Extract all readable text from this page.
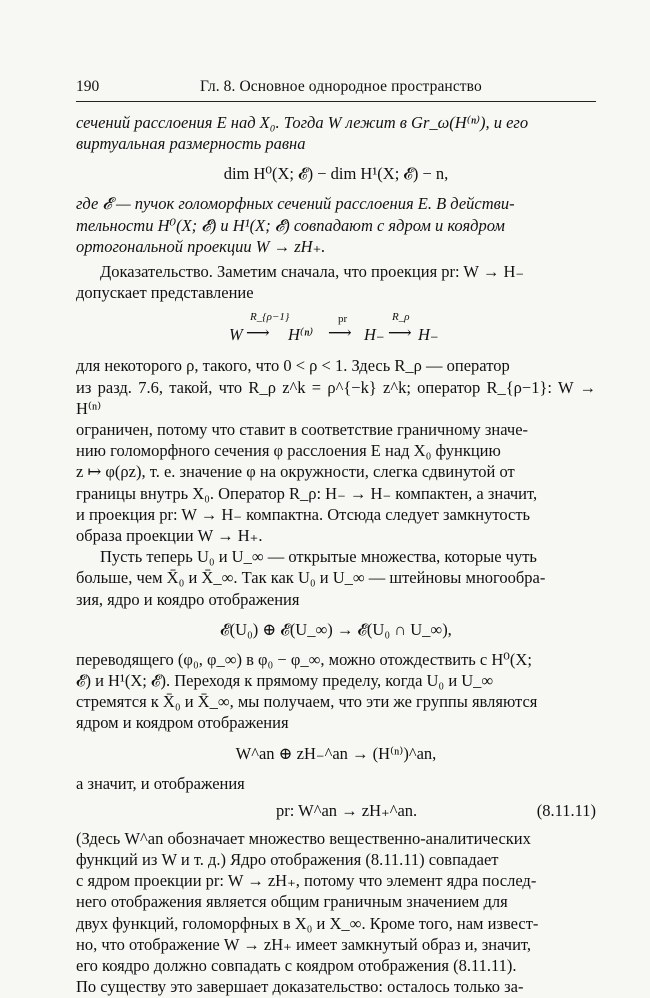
190	Гл. 8. Основное однородное пространство

сечений расслоения E над X₀. Тогда W лежит в Gr_ω(H⁽ⁿ⁾), и его

виртуальная размерность равна

dim H⁰(X; 𝓔) − dim H¹(X; 𝓔) − n,

где 𝓔 — пучок голоморфных сечений расслоения E. В действи-

тельности H⁰(X; 𝓔) и H¹(X; 𝓔) совпадают с ядром и коядром

ортогональной проекции W → zH₊.

Доказательство. Заметим сначала, что проекция pr: W → H₋

допускает представление

W
R_{ρ−1}
⟶ H⁽ⁿ⁾
pr
⟶ H₋
R_ρ
⟶ H₋

для некоторого ρ, такого, что 0 < ρ < 1. Здесь R_ρ — оператор

из разд. 7.6, такой, что R_ρ z^k = ρ^{−k} z^k; оператор R_{ρ−1}: W → H⁽ⁿ⁾

ограничен, потому что ставит в соответствие граничному значе-

нию голоморфного сечения φ расслоения E над X₀ функцию

z ↦ φ(ρz), т. е. значение φ на окружности, слегка сдвинутой от

границы внутрь X₀. Оператор R_ρ: H₋ → H₋ компактен, а значит,

и проекция pr: W → H₋ компактна. Отсюда следует замкнутость

образа проекции W → H₊.

Пусть теперь U₀ и U_∞ — открытые множества, которые чуть

больше, чем X̄₀ и X̄_∞. Так как U₀ и U_∞ — штейновы многообра-

зия, ядро и коядро отображения

𝓔(U₀) ⊕ 𝓔(U_∞) → 𝓔(U₀ ∩ U_∞),

переводящего (φ₀, φ_∞) в φ₀ − φ_∞, можно отождествить с H⁰(X;

𝓔) и H¹(X; 𝓔). Переходя к прямому пределу, когда U₀ и U_∞

стремятся к X̄₀ и X̄_∞, мы получаем, что эти же группы являются

ядром и коядром отображения

W^an ⊕ zH₋^an → (H⁽ⁿ⁾)^an,

а значит, и отображения

pr: W^an → zH₊^an.	(8.11.11)

(Здесь W^an обозначает множество вещественно-аналитических

функций из W и т. д.) Ядро отображения (8.11.11) совпадает

с ядром проекции pr: W → zH₊, потому что элемент ядра послед-

него отображения является общим граничным значением для

двух функций, голоморфных в X₀ и X_∞. Кроме того, нам извест-

но, что отображение W → zH₊ имеет замкнутый образ и, значит,

его коядро должно совпадать с коядром отображения (8.11.11).

По существу это завершает доказательство: осталось только за-
